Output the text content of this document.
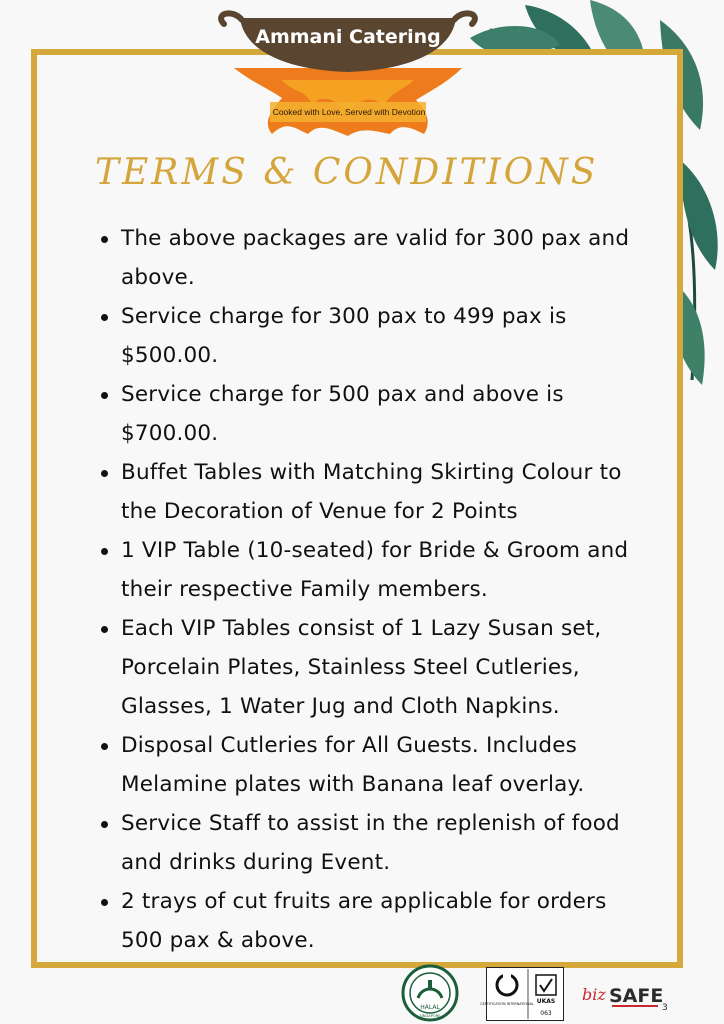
Ammani Catering
Cooked with Love, Served with Devotion
TERMS & CONDITIONS
The above packages are valid for 300 pax and above.
Service charge for 300 pax to 499 pax is $500.00.
Service charge for 500 pax and above is $700.00.
Buffet Tables with Matching Skirting Colour to the Decoration of Venue for 2 Points
1 VIP Table (10-seated) for Bride & Groom and their respective Family members.
Each VIP Tables consist of 1 Lazy Susan set, Porcelain Plates, Stainless Steel Cutleries, Glasses, 1 Water Jug and Cloth Napkins.
Disposal Cutleries for All Guests. Includes Melamine plates with Banana leaf overlay.
Service Staff to assist in the replenish of food and drinks during Event.
2 trays of cut fruits are applicable for orders 500 pax & above.
HALAL
SINGAPORE
CERTIFICATION INTERNATIONAL UKAS
063
biz SAFE
3
